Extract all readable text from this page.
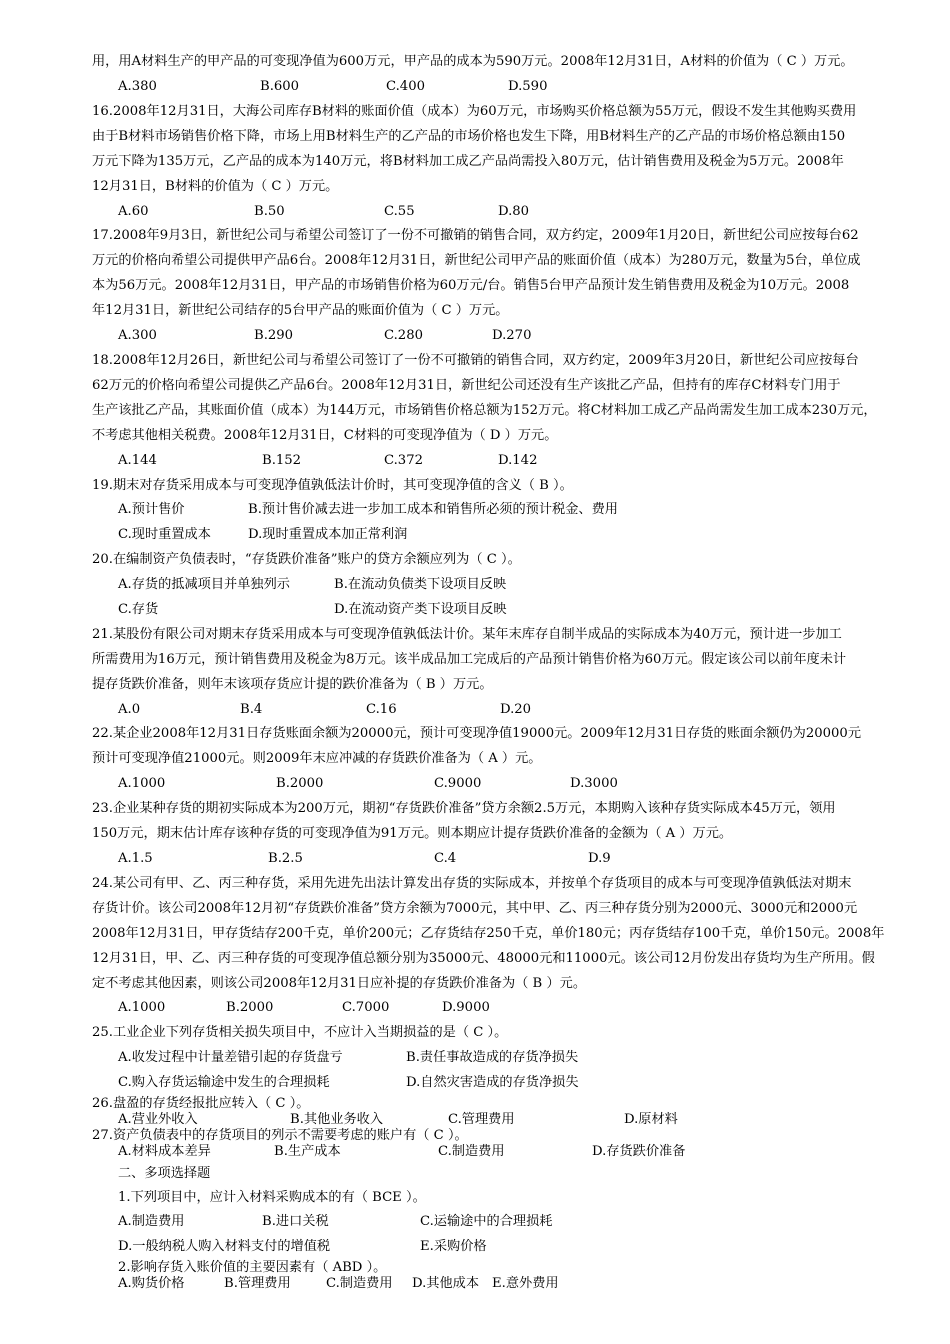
用，用A材料生产的甲产品的可变现净值为600万元，甲产品的成本为590万元。2008年12月31日，A材料的价值为（ C ）万元。
A.380	B.600	C.400	D.590
16.2008年12月31日，大海公司库存B材料的账面价值（成本）为60万元，市场购买价格总额为55万元，假设不发生其他购买费用
由于B材料市场销售价格下降，市场上用B材料生产的乙产品的市场价格也发生下降，用B材料生产的乙产品的市场价格总额由150
万元下降为135万元，乙产品的成本为140万元，将B材料加工成乙产品尚需投入80万元，估计销售费用及税金为5万元。2008年
12月31日，B材料的价值为（ C ）万元。
A.60	B.50	C.55	D.80
17.2008年9月3日，新世纪公司与希望公司签订了一份不可撤销的销售合同，双方约定，2009年1月20日，新世纪公司应按每台62
万元的价格向希望公司提供甲产品6台。2008年12月31日，新世纪公司甲产品的账面价值（成本）为280万元，数量为5台，单位成
本为56万元。2008年12月31日，甲产品的市场销售价格为60万元/台。销售5台甲产品预计发生销售费用及税金为10万元。2008
年12月31日，新世纪公司结存的5台甲产品的账面价值为（ C ）万元。
A.300	B.290	C.280	D.270
18.2008年12月26日，新世纪公司与希望公司签订了一份不可撤销的销售合同，双方约定，2009年3月20日，新世纪公司应按每台
62万元的价格向希望公司提供乙产品6台。2008年12月31日，新世纪公司还没有生产该批乙产品，但持有的库存C材料专门用于
生产该批乙产品，其账面价值（成本）为144万元，市场销售价格总额为152万元。将C材料加工成乙产品尚需发生加工成本230万元，
不考虑其他相关税费。2008年12月31日，C材料的可变现净值为（ D ）万元。
A.144	B.152	C.372	D.142
19.期末对存货采用成本与可变现净值孰低法计价时，其可变现净值的含义（ B ）。
A.预计售价	B.预计售价减去进一步加工成本和销售所必须的预计税金、费用
C.现时重置成本	D.现时重置成本加正常利润
20.在编制资产负债表时，“存货跌价准备”账户的贷方余额应列为（ C ）。
A.存货的抵减项目并单独列示	B.在流动负债类下设项目反映
C.存货	D.在流动资产类下设项目反映
21.某股份有限公司对期末存货采用成本与可变现净值孰低法计价。某年末库存自制半成品的实际成本为40万元，预计进一步加工
所需费用为16万元，预计销售费用及税金为8万元。该半成品加工完成后的产品预计销售价格为60万元。假定该公司以前年度未计
提存货跌价准备，则年末该项存货应计提的跌价准备为（ B ）万元。
A.0	B.4	C.16	D.20
22.某企业2008年12月31日存货账面余额为20000元，预计可变现净值19000元。2009年12月31日存货的账面余额仍为20000元
预计可变现净值21000元。则2009年末应冲减的存货跌价准备为（ A ）元。
A.1000	B.2000	C.9000	D.3000
23.企业某种存货的期初实际成本为200万元，期初“存货跌价准备”贷方余额2.5万元，本期购入该种存货实际成本45万元，领用
150万元，期末估计库存该种存货的可变现净值为91万元。则本期应计提存货跌价准备的金额为（ A ）万元。
A.1.5	B.2.5	C.4	D.9
24.某公司有甲、乙、丙三种存货，采用先进先出法计算发出存货的实际成本，并按单个存货项目的成本与可变现净值孰低法对期末
存货计价。该公司2008年12月初“存货跌价准备”贷方余额为7000元，其中甲、乙、丙三种存货分别为2000元、3000元和2000元
2008年12月31日，甲存货结存200千克，单价200元；乙存货结存250千克，单价180元；丙存货结存100千克，单价150元。2008年
12月31日，甲、乙、丙三种存货的可变现净值总额分别为35000元、48000元和11000元。该公司12月份发出存货均为生产所用。假
定不考虑其他因素，则该公司2008年12月31日应补提的存货跌价准备为（ B ）元。
A.1000	B.2000	C.7000	D.9000
25.工业企业下列存货相关损失项目中，不应计入当期损益的是（ C ）。
A.收发过程中计量差错引起的存货盘亏	B.责任事故造成的存货净损失
C.购入存货运输途中发生的合理损耗	D.自然灾害造成的存货净损失
26.盘盈的存货经报批应转入（ C ）。
A.营业外收入	B.其他业务收入	C.管理费用	D.原材料
27.资产负债表中的存货项目的列示不需要考虑的账户有（ C ）。
A.材料成本差异	B.生产成本	C.制造费用	D.存货跌价准备
二、多项选择题
1.下列项目中，应计入材料采购成本的有（ BCE ）。
A.制造费用	B.进口关税	C.运输途中的合理损耗
D.一般纳税人购入材料支付的增值税	E.采购价格
2.影响存货入账价值的主要因素有（ ABD ）。
A.购货价格	B.管理费用	C.制造费用 D.其他成本 E.意外费用
